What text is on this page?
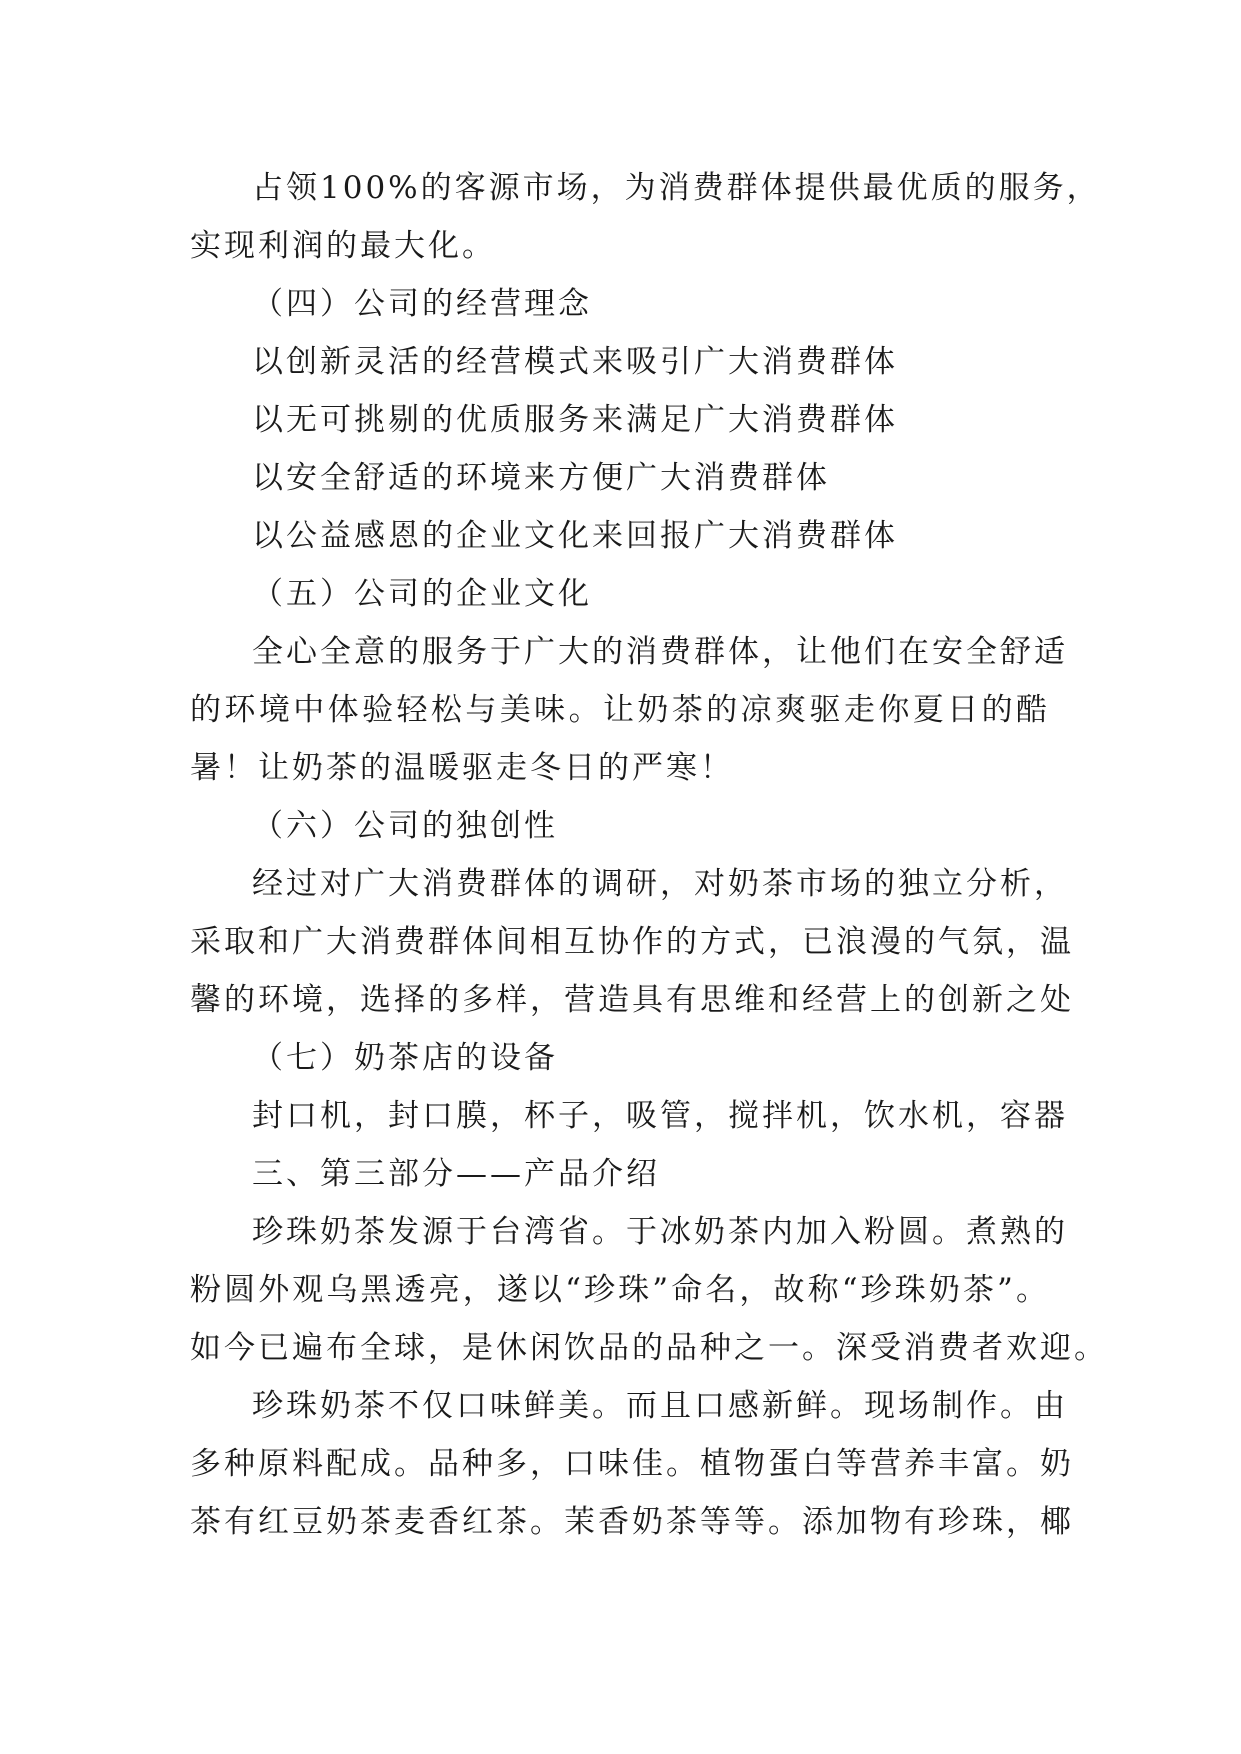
占领100%的客源市场，为消费群体提供最优质的服务，
实现利润的最大化。
（四）公司的经营理念
以创新灵活的经营模式来吸引广大消费群体
以无可挑剔的优质服务来满足广大消费群体
以安全舒适的环境来方便广大消费群体
以公益感恩的企业文化来回报广大消费群体
（五）公司的企业文化
全心全意的服务于广大的消费群体，让他们在安全舒适
的环境中体验轻松与美味。让奶茶的凉爽驱走你夏日的酷
暑！让奶茶的温暖驱走冬日的严寒！
（六）公司的独创性
经过对广大消费群体的调研，对奶茶市场的独立分析，
采取和广大消费群体间相互协作的方式，已浪漫的气氛，温
馨的环境，选择的多样，营造具有思维和经营上的创新之处
（七）奶茶店的设备
封口机，封口膜，杯子，吸管，搅拌机，饮水机，容器
三、第三部分——产品介绍
珍珠奶茶发源于台湾省。于冰奶茶内加入粉圆。煮熟的
粉圆外观乌黑透亮，遂以“珍珠”命名，故称“珍珠奶茶”。
如今已遍布全球，是休闲饮品的品种之一。深受消费者欢迎。
珍珠奶茶不仅口味鲜美。而且口感新鲜。现场制作。由
多种原料配成。品种多，口味佳。植物蛋白等营养丰富。奶
茶有红豆奶茶麦香红茶。茉香奶茶等等。添加物有珍珠，椰
